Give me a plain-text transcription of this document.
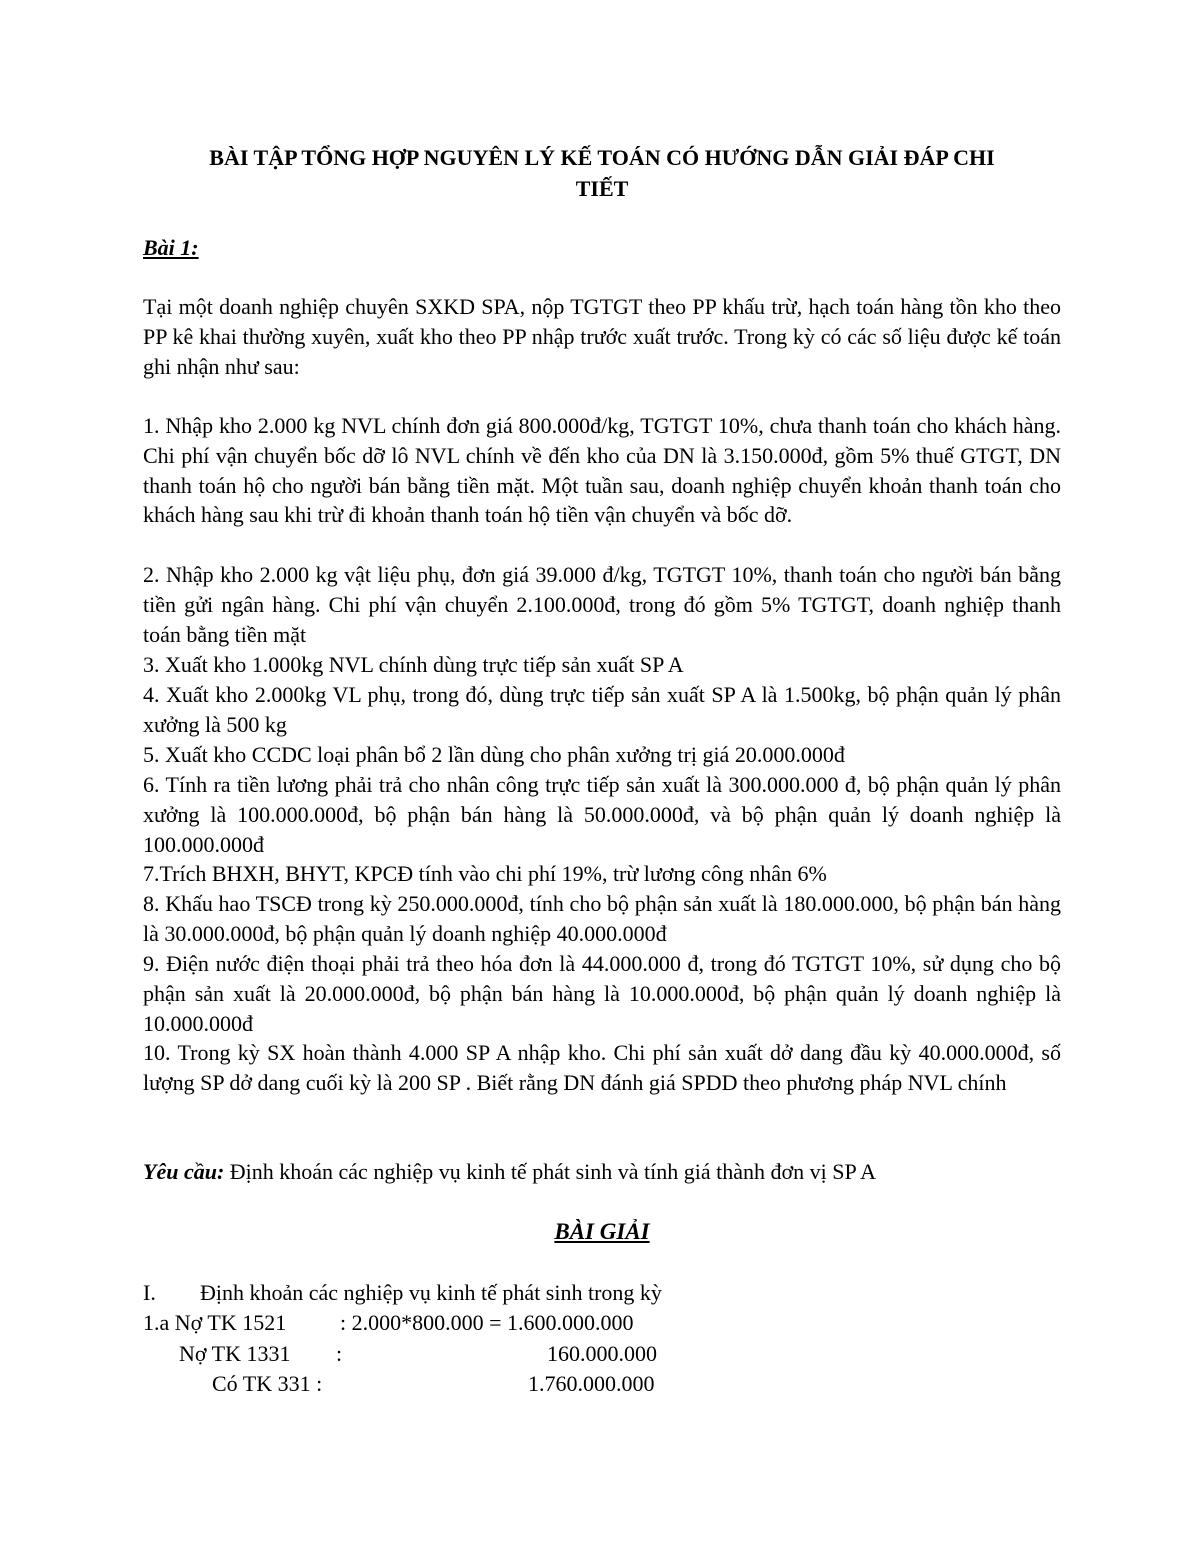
BÀI TẬP TỔNG HỢP NGUYÊN LÝ KẾ TOÁN CÓ HƯỚNG DẪN GIẢI ĐÁP CHI
TIẾT
Bài 1:

Tại một doanh nghiệp chuyên SXKD SPA, nộp TGTGT theo PP khấu trừ, hạch toán hàng tồn kho theo PP kê khai thường xuyên, xuất kho theo PP nhập trước xuất trước. Trong kỳ có các số liệu được kế toán ghi nhận như sau:

1. Nhập kho 2.000 kg NVL chính đơn giá 800.000đ/kg, TGTGT 10%, chưa thanh toán cho khách hàng. Chi phí vận chuyển bốc dỡ lô NVL chính về đến kho của DN là 3.150.000đ, gồm 5% thuế GTGT, DN thanh toán hộ cho người bán bằng tiền mặt. Một tuần sau, doanh nghiệp chuyển khoản thanh toán cho khách hàng sau khi trừ đi khoản thanh toán hộ tiền vận chuyển và bốc dỡ.

2. Nhập kho 2.000 kg vật liệu phụ, đơn giá 39.000 đ/kg, TGTGT 10%, thanh toán cho người bán bằng tiền gửi ngân hàng. Chi phí vận chuyển 2.100.000đ, trong đó gồm 5% TGTGT, doanh nghiệp thanh toán bằng tiền mặt

3. Xuất kho 1.000kg NVL chính dùng trực tiếp sản xuất SP A

4. Xuất kho 2.000kg VL phụ, trong đó, dùng trực tiếp sản xuất SP A là 1.500kg, bộ phận quản lý phân xưởng là 500 kg

5. Xuất kho CCDC loại phân bổ 2 lần dùng cho phân xưởng trị giá 20.000.000đ

6. Tính ra tiền lương phải trả cho nhân công trực tiếp sản xuất là 300.000.000 đ, bộ phận quản lý phân xưởng là 100.000.000đ, bộ phận bán hàng là 50.000.000đ, và bộ phận quản lý doanh nghiệp là 100.000.000đ

7.Trích BHXH, BHYT, KPCĐ tính vào chi phí 19%, trừ lương công nhân 6%

8. Khấu hao TSCĐ trong kỳ 250.000.000đ, tính cho bộ phận sản xuất là 180.000.000, bộ phận bán hàng là 30.000.000đ, bộ phận quản lý doanh nghiệp 40.000.000đ

9. Điện nước điện thoại phải trả theo hóa đơn là 44.000.000 đ, trong đó TGTGT 10%, sử dụng cho bộ phận sản xuất là 20.000.000đ, bộ phận bán hàng là 10.000.000đ, bộ phận quản lý doanh nghiệp là 10.000.000đ

10. Trong kỳ SX hoàn thành 4.000 SP A nhập kho. Chi phí sản xuất dở dang đầu kỳ 40.000.000đ, số lượng SP dở dang cuối kỳ là 200 SP . Biết rằng DN đánh giá SPDD theo phương pháp NVL chính

Yêu cầu: Định khoán các nghiệp vụ kinh tế phát sinh và tính giá thành đơn vị SP A
BÀI GIẢI
I. Định khoản các nghiệp vụ kinh tế phát sinh trong kỳ
1.a Nợ TK 1521 : 2.000*800.000 = 1.600.000.000
Nợ TK 1331 :	160.000.000
Có TK 331 :	1.760.000.000
